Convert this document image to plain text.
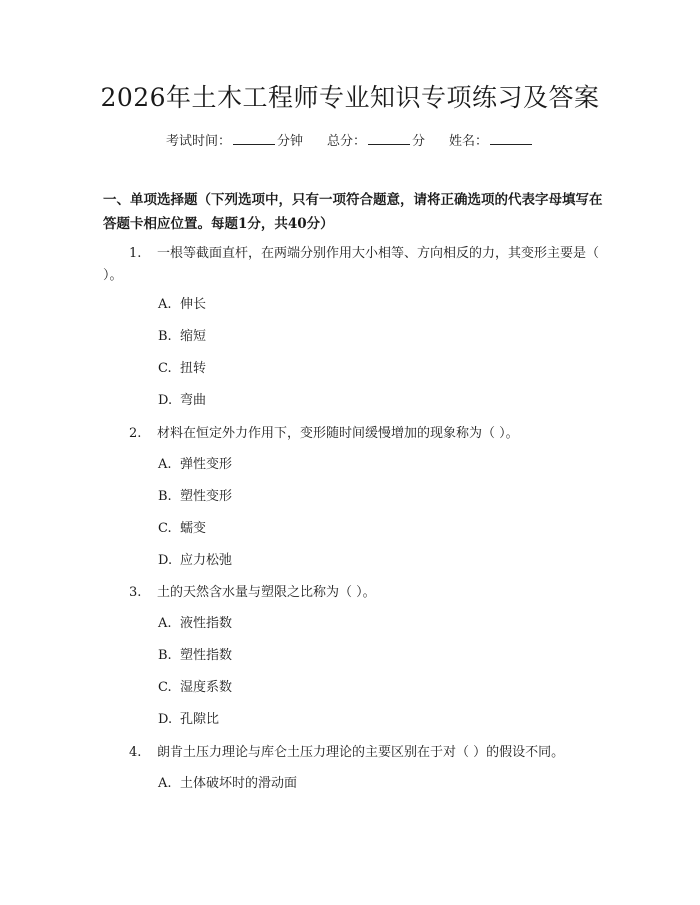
2026年土木工程师专业知识专项练习及答案
考试时间：	分钟 总分：	分 姓名：
一、单项选择题（下列选项中，只有一项符合题意，请将正确选项的代表字母填写在答题卡相应位置。每题1分，共40分）
1. 一根等截面直杆，在两端分别作用大小相等、方向相反的力，其变形主要是（ ）。
A. 伸长
B. 缩短
C. 扭转
D. 弯曲
2. 材料在恒定外力作用下，变形随时间缓慢增加的现象称为（ ）。
A. 弹性变形
B. 塑性变形
C. 蠕变
D. 应力松弛
3. 土的天然含水量与塑限之比称为（ ）。
A. 液性指数
B. 塑性指数
C. 湿度系数
D. 孔隙比
4. 朗肯土压力理论与库仑土压力理论的主要区别在于对（ ）的假设不同。
A. 土体破坏时的滑动面
